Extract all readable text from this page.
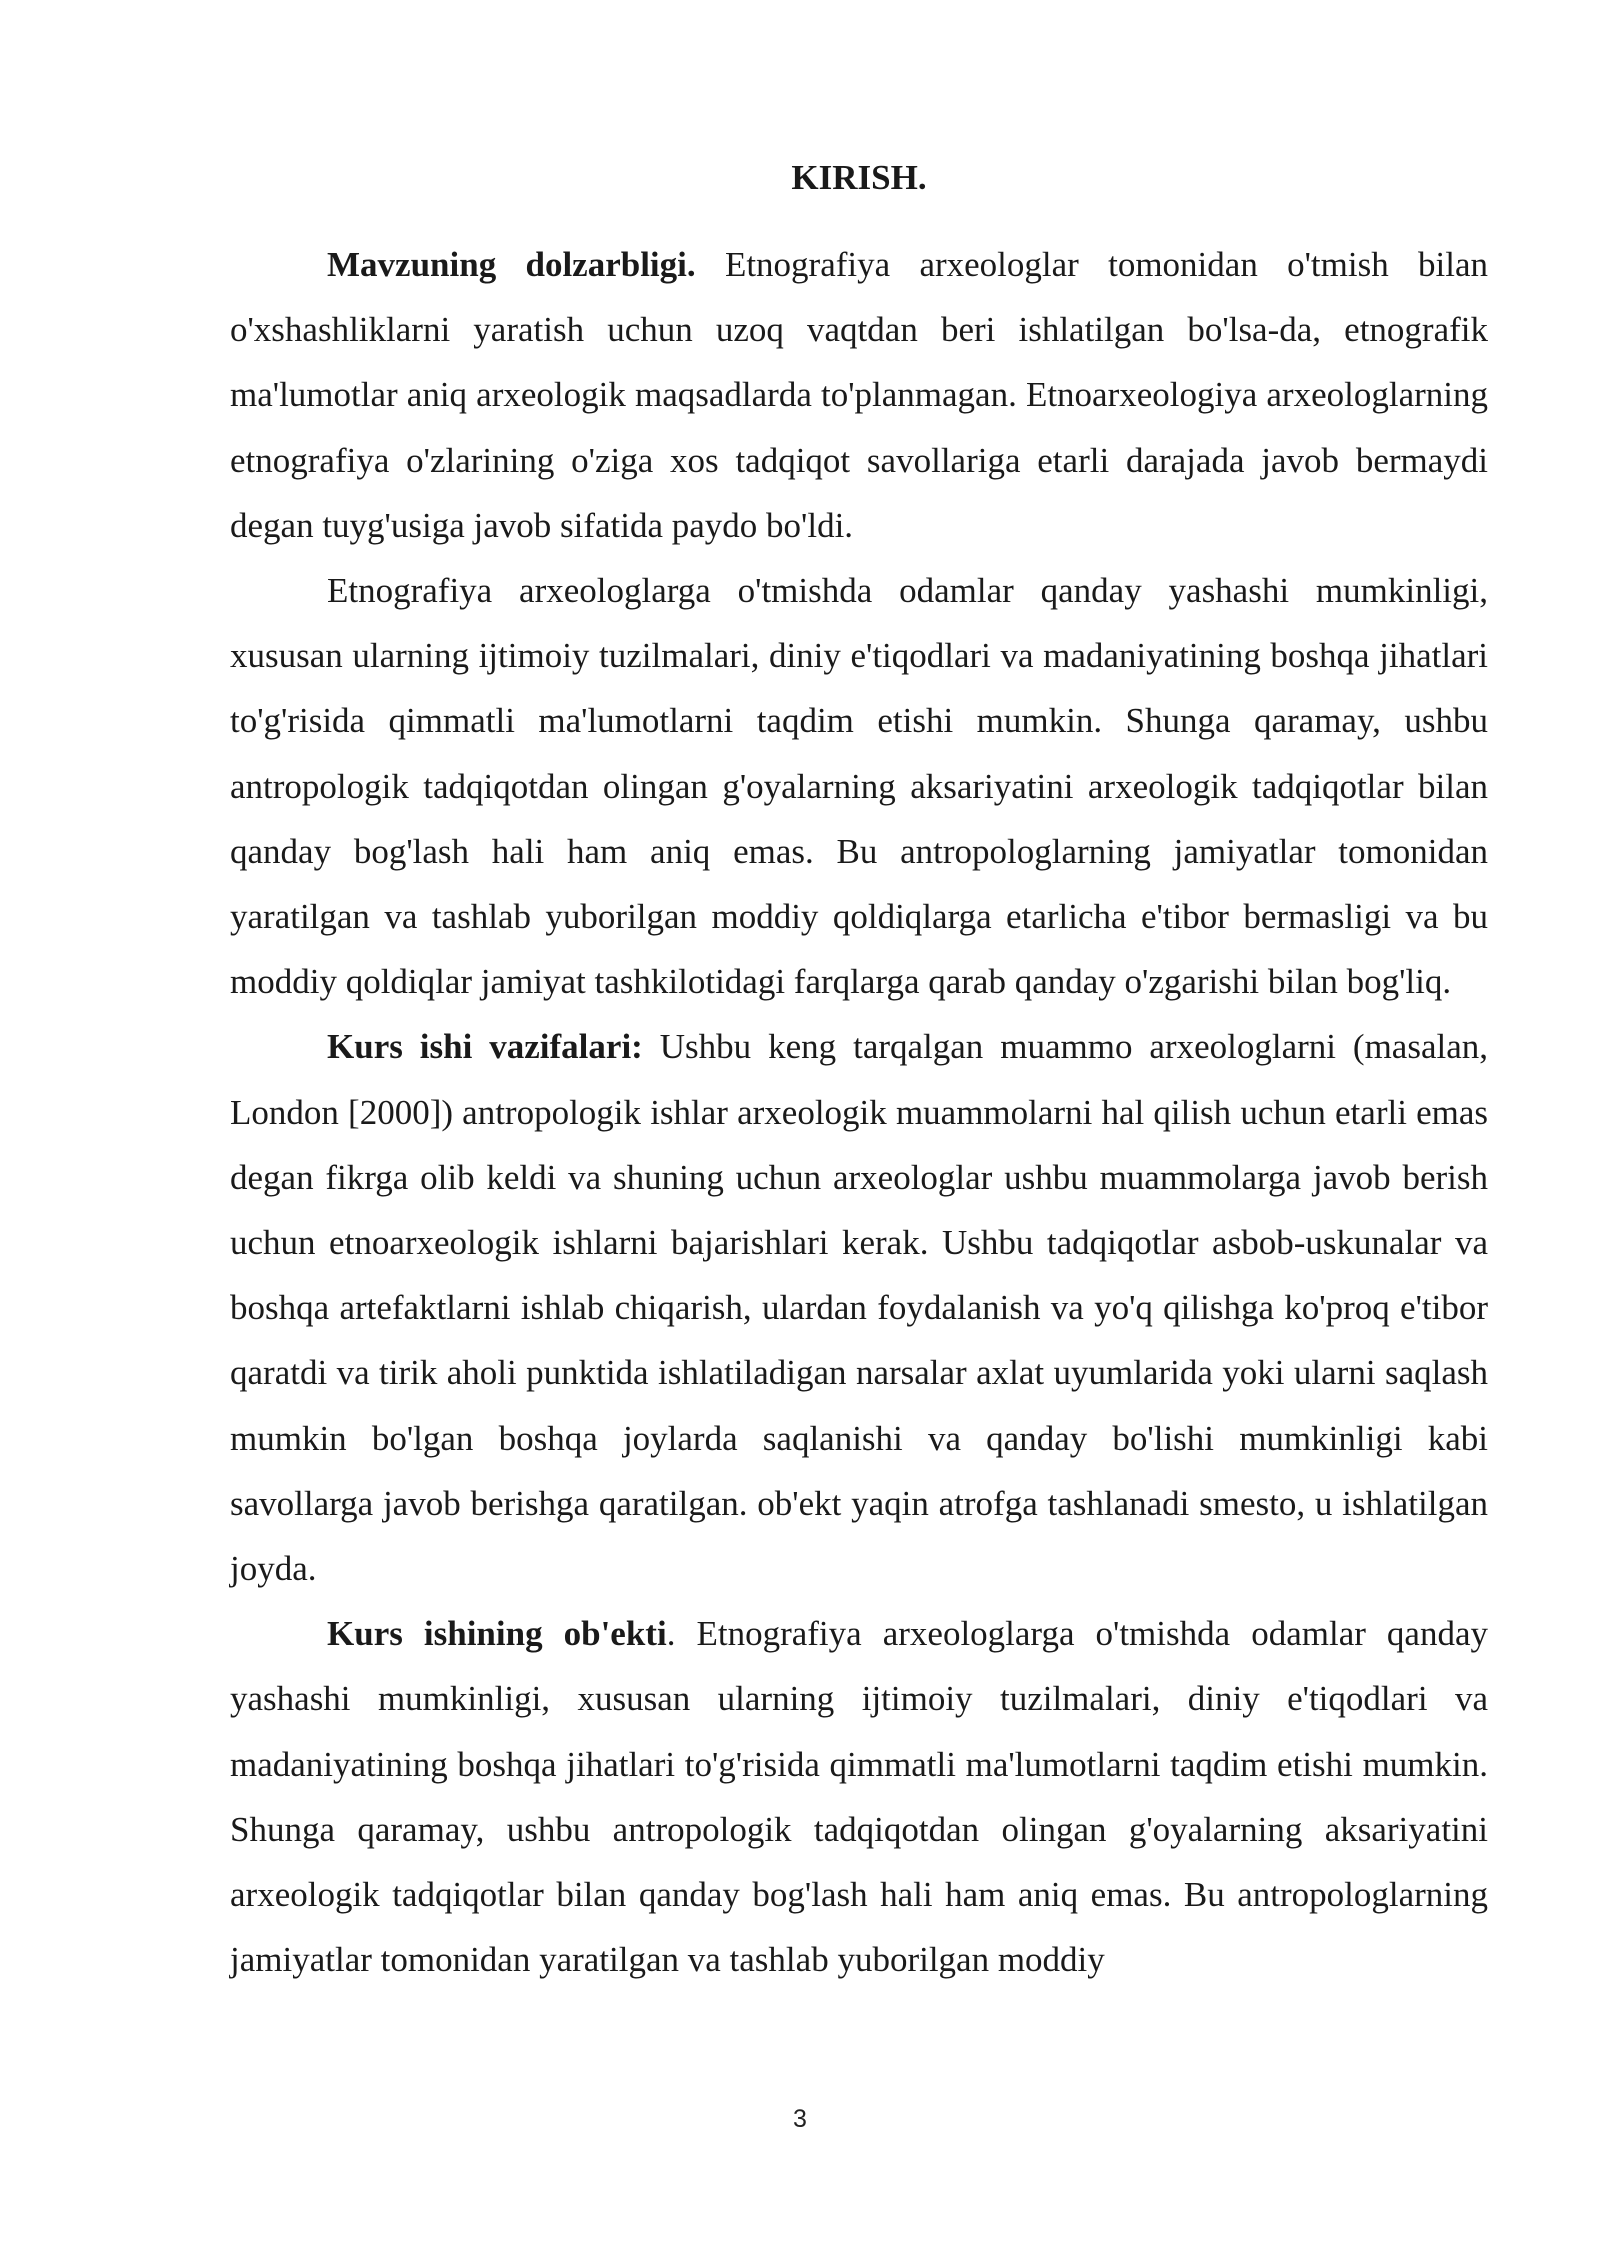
KIRISH.

Mavzuning dolzarbligi. Etnografiya arxeologlar tomonidan o'tmish bilan o'xshashliklarni yaratish uchun uzoq vaqtdan beri ishlatilgan bo'lsa-da, etnografik ma'lumotlar aniq arxeologik maqsadlarda to'planmagan. Etnoarxeologiya arxeologlarning etnografiya o'zlarining o'ziga xos tadqiqot savollariga etarli darajada javob bermaydi degan tuyg'usiga javob sifatida paydo bo'ldi.

Etnografiya arxeologlarga o'tmishda odamlar qanday yashashi mumkinligi, xususan ularning ijtimoiy tuzilmalari, diniy e'tiqodlari va madaniyatining boshqa jihatlari to'g'risida qimmatli ma'lumotlarni taqdim etishi mumkin. Shunga qaramay, ushbu antropologik tadqiqotdan olingan g'oyalarning aksariyatini arxeologik tadqiqotlar bilan qanday bog'lash hali ham aniq emas. Bu antropologlarning jamiyatlar tomonidan yaratilgan va tashlab yuborilgan moddiy qoldiqlarga etarlicha e'tibor bermasligi va bu moddiy qoldiqlar jamiyat tashkilotidagi farqlarga qarab qanday o'zgarishi bilan bog'liq.

Kurs ishi vazifalari: Ushbu keng tarqalgan muammo arxeologlarni (masalan, London [2000]) antropologik ishlar arxeologik muammolarni hal qilish uchun etarli emas degan fikrga olib keldi va shuning uchun arxeologlar ushbu muammolarga javob berish uchun etnoarxeologik ishlarni bajarishlari kerak. Ushbu tadqiqotlar asbob-uskunalar va boshqa artefaktlarni ishlab chiqarish, ulardan foydalanish va yo'q qilishga ko'proq e'tibor qaratdi va tirik aholi punktida ishlatiladigan narsalar axlat uyumlarida yoki ularni saqlash mumkin bo'lgan boshqa joylarda saqlanishi va qanday bo'lishi mumkinligi kabi savollarga javob berishga qaratilgan. ob'ekt yaqin atrofga tashlanadi smesto, u ishlatilgan joyda.

Kurs ishining ob'ekti. Etnografiya arxeologlarga o'tmishda odamlar qanday yashashi mumkinligi, xususan ularning ijtimoiy tuzilmalari, diniy e'tiqodlari va madaniyatining boshqa jihatlari to'g'risida qimmatli ma'lumotlarni taqdim etishi mumkin. Shunga qaramay, ushbu antropologik tadqiqotdan olingan g'oyalarning aksariyatini arxeologik tadqiqotlar bilan qanday bog'lash hali ham aniq emas. Bu antropologlarning jamiyatlar tomonidan yaratilgan va tashlab yuborilgan moddiy

3
